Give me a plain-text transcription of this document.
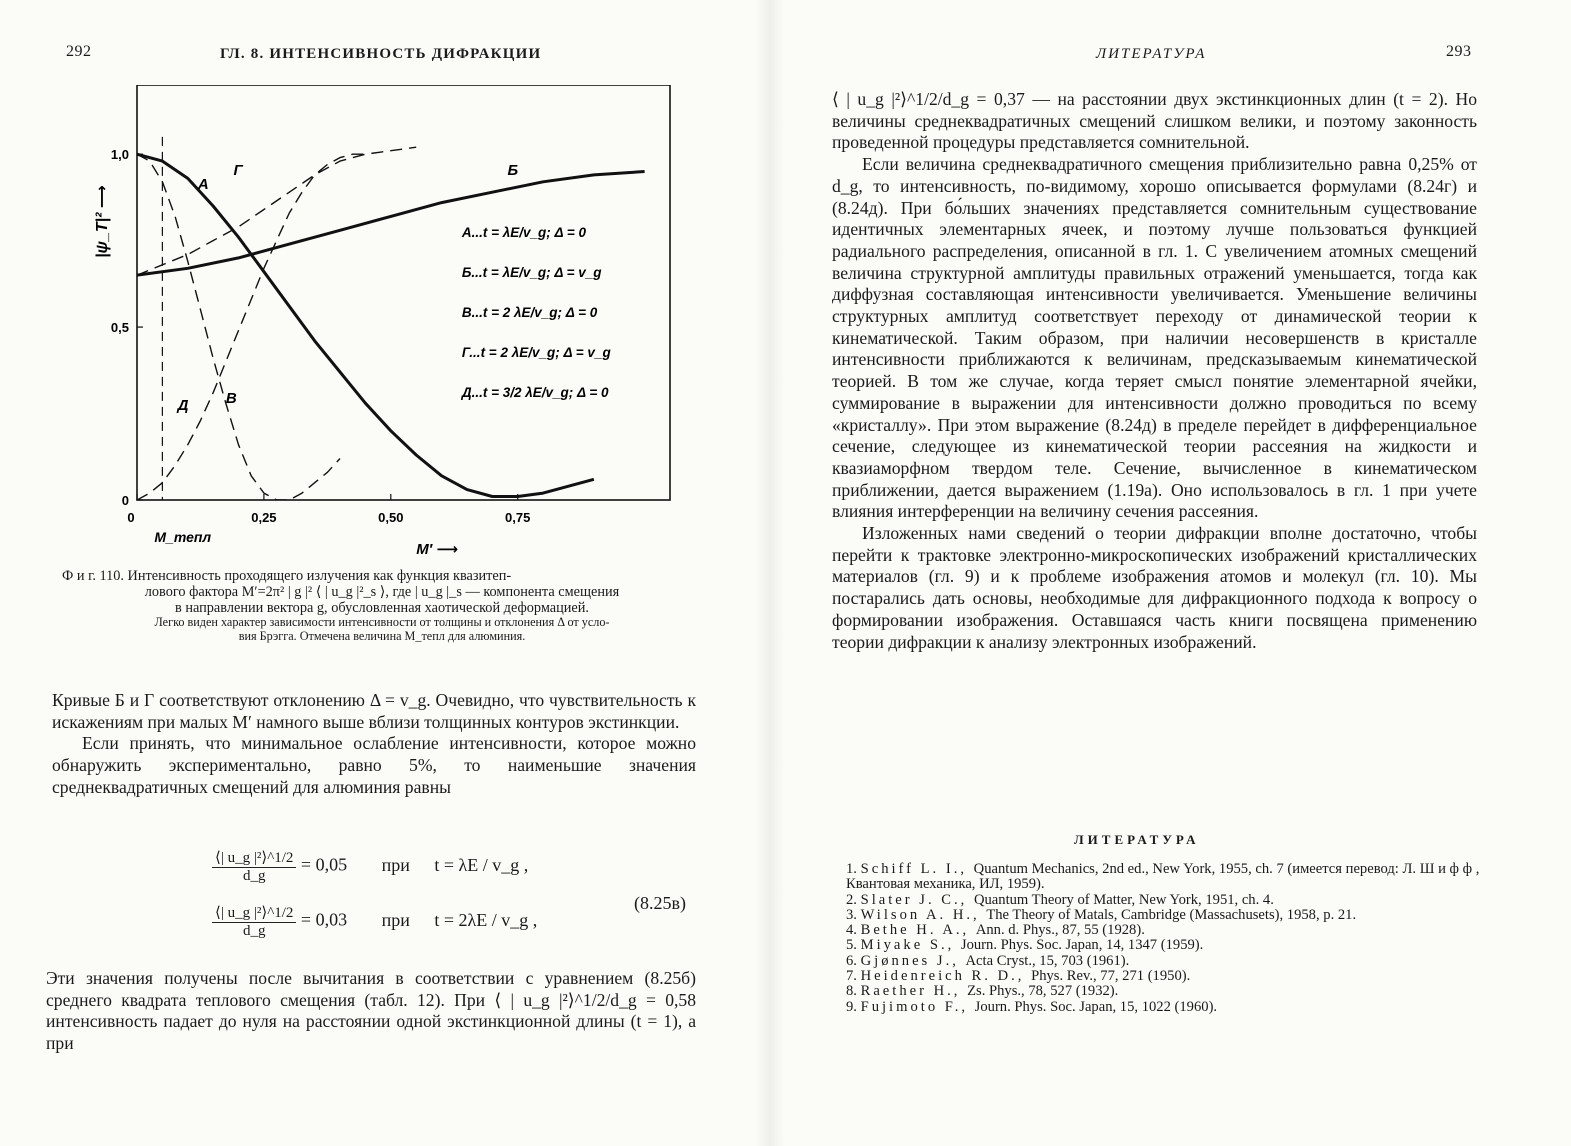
292	ГЛ. 8. ИНТЕНСИВНОСТЬ ДИФРАКЦИИ
0	0,25	0,50	0,75
0
0,5
1,0
M_тепл
M′ ⟶
|ψ_T|² ⟶
А
Б
В
Г
Д
А...t = λE/v_g; Δ = 0
Б...t = λE/v_g; Δ = v_g
В...t = 2 λE/v_g; Δ = 0
Г...t = 2 λE/v_g; Δ = v_g
Д...t = 3/2 λE/v_g; Δ = 0
Ф и г. 110. Интенсивность проходящего излучения как функция квазитеп-
лового фактора M′=2π² | g |² ⟨ | u_g |²_s ⟩, где | u_g |_s — компонента смещения
в направлении вектора g, обусловленная хаотической деформацией.
Легко виден характер зависимости интенсивности от толщины и отклонения Δ от усло-
вия Брэгга. Отмечена величина M_тепл для алюминия.

Кривые Б и Г соответствуют отклонению Δ = v_g. Очевидно, что чувствительность к искажениям при малых M′ намного выше вблизи толщинных контуров экстинкции.

Если принять, что минимальное ослабление интенсивности, которое можно обнаружить экспериментально, равно 5%, то наименьшие значения среднеквадратичных смещений для алюминия равны

$\frac{\text{⟨| u\_g |²⟩\textasciicircum{}1/2}}{d\_g} = 0,05$ при t = λE / v_g ,
(8.25в)
$\frac{\text{⟨| u\_g |²⟩\textasciicircum{}1/2}}{d\_g} = 0,03$ при t = 2λE / v_g ,

Эти значения получены после вычитания в соответствии с уравнением (8.25б) среднего квадрата теплового смещения (табл. 12). При ⟨ | u_g |²⟩^1/2/d_g = 0,58 интенсивность падает до нуля на расстоянии одной экстинкционной длины (t = 1), а при

ЛИТЕРАТУРА	293

⟨ | u_g |²⟩^1/2/d_g = 0,37 — на расстоянии двух экстинкционных длин (t = 2). Но величины среднеквадратичных смещений слишком велики, и поэтому законность проведенной процедуры представляется сомнительной.

Если величина среднеквадратичного смещения приблизительно равна 0,25% от d_g, то интенсивность, по-видимому, хорошо описывается формулами (8.24г) и (8.24д). При бо́льших значениях представляется сомнительным существование идентичных элементарных ячеек, и поэтому лучше пользоваться функцией радиального распределения, описанной в гл. 1. С увеличением атомных смещений величина структурной амплитуды правильных отражений уменьшается, тогда как диффузная составляющая интенсивности увеличивается. Уменьшение величины структурных амплитуд соответствует переходу от динамической теории к кинематической. Таким образом, при наличии несовершенств в кристалле интенсивности приближаются к величинам, предсказываемым кинематической теорией. В том же случае, когда теряет смысл понятие элементарной ячейки, суммирование в выражении для интенсивности должно проводиться по всему «кристаллу». При этом выражение (8.24д) в пределе перейдет в дифференциальное сечение, следующее из кинематической теории рассеяния на жидкости и квазиаморфном твердом теле. Сечение, вычисленное в кинематическом приближении, дается выражением (1.19а). Оно использовалось в гл. 1 при учете влияния интерференции на величину сечения рассеяния.

Изложенных нами сведений о теории дифракции вполне достаточно, чтобы перейти к трактовке электронно-микроскопических изображений кристаллических материалов (гл. 9) и к проблеме изображения атомов и молекул (гл. 10). Мы постарались дать основы, необходимые для дифракционного подхода к вопросу о формировании изображения. Оставшаяся часть книги посвящена применению теории дифракции к анализу электронных изображений.

ЛИТЕРАТУРА
1. Schiff L. I., Quantum Mechanics, 2nd ed., New York, 1955, ch. 7 (имеется перевод: Л. Ш и ф ф , Квантовая механика, ИЛ, 1959).
2. Slater J. C., Quantum Theory of Matter, New York, 1951, ch. 4.
3. Wilson A. H., The Theory of Matals, Cambridge (Massachusets), 1958, p. 21.
4. Bethe H. A., Ann. d. Phys., 87, 55 (1928).
5. Miyake S., Journ. Phys. Soc. Japan, 14, 1347 (1959).
6. Gjønnes J., Acta Cryst., 15, 703 (1961).
7. Heidenreich R. D., Phys. Rev., 77, 271 (1950).
8. Raether H., Zs. Phys., 78, 527 (1932).
9. Fujimoto F., Journ. Phys. Soc. Japan, 15, 1022 (1960).
